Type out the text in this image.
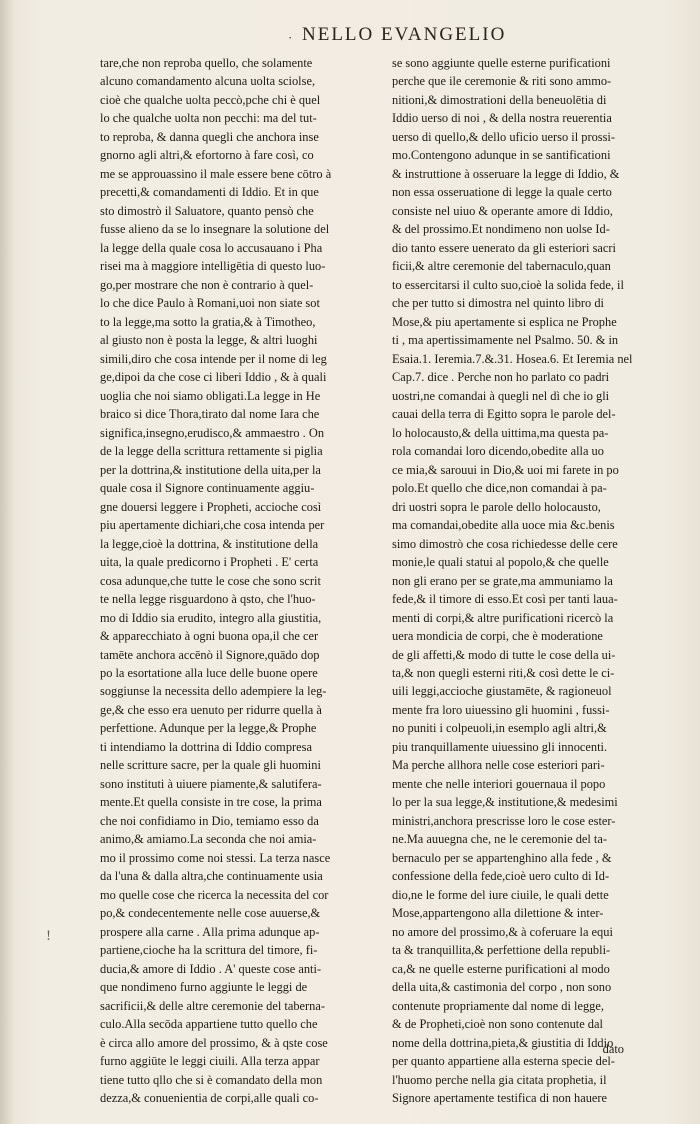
· NELLO EVANGELIO
!
tare,che non reproba quello, che solamente
alcuno comandamento alcuna uolta sciolse,
cioè che qualche uolta peccò,pche chi è quel
lo che qualche uolta non pecchi: ma del tut-
to reproba, & danna quegli che anchora inse
gnorno agli altri,& efortorno à fare così, co
me se approuassino il male essere bene cōtro à
precetti,& comandamenti di Iddio. Et in que
sto dimostrò il Saluatore, quanto pensò che
fusse alieno da se lo insegnare la solutione del
la legge della quale cosa lo accusauano i Pha
risei ma à maggiore intelligētia di questo luo-
go,per mostrare che non è contrario à quel-
lo che dice Paulo à Romani,uoi non siate sot
to la legge,ma sotto la gratia,& à Timotheo,
al giusto non è posta la legge, & altri luoghi
simili,diro che cosa intende per il nome di leg
ge,dipoi da che cose ci liberi Iddio , & à quali
uoglia che noi siamo obligati.La legge in He
braico si dice Thora,tirato dal nome Iara che
significa,insegno,erudisco,& ammaestro . On
de la legge della scrittura rettamente si piglia
per la dottrina,& institutione della uita,per la
quale cosa il Signore continuamente aggiu-
gne douersi leggere i Propheti, accioche così
piu apertamente dichiari,che cosa intenda per
la legge,cioè la dottrina, & institutione della
uita, la quale predicorno i Propheti . E' certa
cosa adunque,che tutte le cose che sono scrit
te nella legge risguardono à qsto, che l'huo-
mo di Iddio sia erudito, integro alla giustitia,
& apparecchiato à ogni buona opa,il che cer
tamēte anchora accēnò il Signore,quādo dop
po la esortatione alla luce delle buone opere
soggiunse la necessita dello adempiere la leg-
ge,& che esso era uenuto per ridurre quella à
perfettione. Adunque per la legge,& Prophe
ti intendiamo la dottrina di Iddio compresa
nelle scritture sacre, per la quale gli huomini
sono instituti à uiuere piamente,& salutifera-
mente.Et quella consiste in tre cose, la prima
che noi confidiamo in Dio, temiamo esso da
animo,& amiamo.La seconda che noi amia-
mo il prossimo come noi stessi. La terza nasce
da l'una & dalla altra,che continuamente usia
mo quelle cose che ricerca la necessita del cor
po,& condecentemente nelle cose auuerse,&
prospere alla carne . Alla prima adunque ap-
partiene,cioche ha la scrittura del timore, fi-
ducia,& amore di Iddio . A' queste cose anti-
que nondimeno furno aggiunte le leggi de
sacrificii,& delle altre ceremonie del taberna-
culo.Alla secōda appartiene tutto quello che
è circa allo amore del prossimo, & à qste cose
furno aggiūte le leggi ciuili. Alla terza appar
tiene tutto qllo che si è comandato della mon
dezza,& conuenientia de corpi,alle quali co-
se sono aggiunte quelle esterne purificationi
perche que ile ceremonie & riti sono ammo-
nitioni,& dimostrationi della beneuolētia di
Iddio uerso di noi , & della nostra reuerentia
uerso di quello,& dello uficio uerso il prossi-
mo.Contengono adunque in se santificationi
& instruttione à osseruare la legge di Iddio, &
non essa osseruatione di legge la quale certo
consiste nel uiuo & operante amore di Iddio,
& del prossimo.Et nondimeno non uolse Id-
dio tanto essere uenerato da gli esteriori sacri
ficii,& altre ceremonie del tabernaculo,quan
to essercitarsi il culto suo,cioè la solida fede, il
che per tutto si dimostra nel quinto libro di
Mose,& piu apertamente si esplica ne Prophe
ti , ma apertissimamente nel Psalmo. 50. & in
Esaia.1. Ieremia.7.&.31. Hosea.6. Et Ieremia nel
Cap.7. dice . Perche non ho parlato co padri
uostri,ne comandai à quegli nel dì che io gli
cauai della terra di Egitto sopra le parole del-
lo holocausto,& della uittima,ma questa pa-
rola comandai loro dicendo,obedite alla uo
ce mia,& sarouui in Dio,& uoi mi farete in po
polo.Et quello che dice,non comandai à pa-
dri uostri sopra le parole dello holocausto,
ma comandai,obedite alla uoce mia &c.benis
simo dimostrò che cosa richiedesse delle cere
monie,le quali statui al popolo,& che quelle
non gli erano per se grate,ma ammuniamo la
fede,& il timore di esso.Et così per tanti laua-
menti di corpi,& altre purificationi ricercò la
uera mondicia de corpi, che è moderatione
de gli affetti,& modo di tutte le cose della ui-
ta,& non quegli esterni riti,& così dette le ci-
uili leggi,accioche giustamēte, & ragioneuol
mente fra loro uiuessino gli huomini , fussi-
no puniti i colpeuoli,in esemplo agli altri,&
piu tranquillamente uiuessino gli innocenti.
Ma perche allhora nelle cose esteriori pari-
mente che nelle interiori gouernaua il popo
lo per la sua legge,& institutione,& medesimi
ministri,anchora prescrisse loro le cose ester-
ne.Ma auuegna che, ne le ceremonie del ta-
bernaculo per se appartenghino alla fede , &
confessione della fede,cioè uero culto di Id-
dio,ne le forme del iure ciuile, le quali dette
Mose,appartengono alla dilettione & inter-
no amore del prossimo,& à coferuare la equi
ta & tranquillita,& perfettione della republi-
ca,& ne quelle esterne purificationi al modo
della uita,& castimonia del corpo , non sono
contenute propriamente dal nome di legge,
& de Propheti,cioè non sono contenute dal
nome della dottrina,pieta,& giustitia di Iddio
per quanto appartiene alla esterna specie del-
l'huomo perche nella gia citata prophetia, il
Signore apertamente testifica di non hauere
dato
